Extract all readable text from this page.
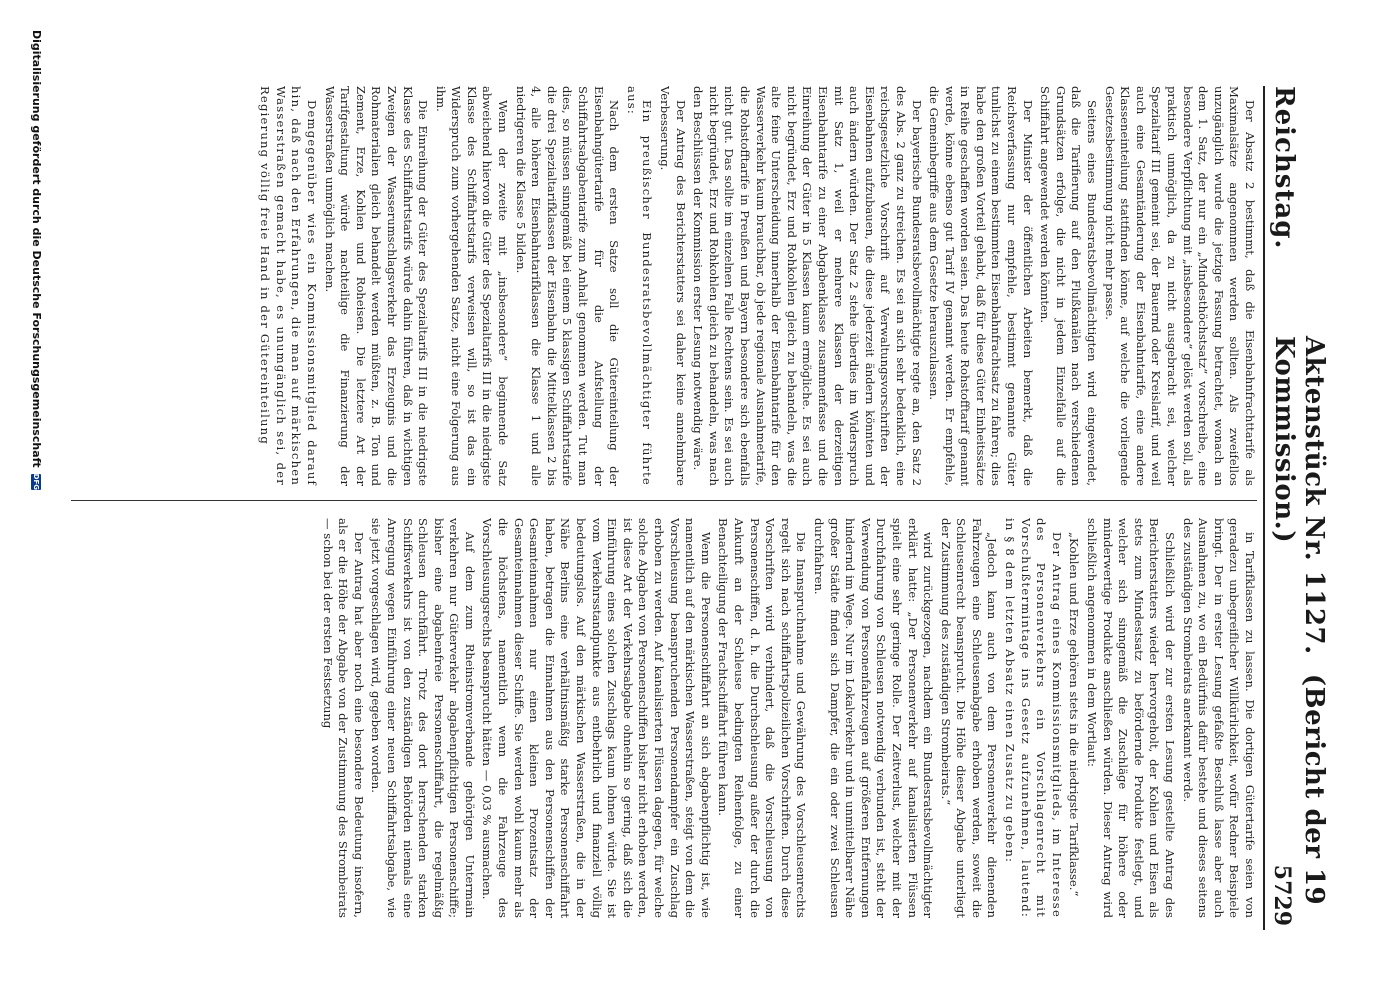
Reichstag.
Aktenstück Nr. 1127.  (Bericht der 19 Kommission.)
5729

Der Absatz 2 bestimmt, daß die Eisenbahnfrachttarife als Maximalsätze angenommen werden sollten. Als zweifellos unzugänglich wurde die jetzige Fassung betrachtet, wonach an dem 1. Satz, der nur ein „Mindesthöchstsatz“ vorschreibe, eine besondere Verpflichtung mit „insbesondere“ gelöst werden soll, als praktisch unmöglich, da zu nicht ausgebracht sei, welcher Spezialtarif III gemeint sei, der Bauernd oder Kreislarif, und weil auch eine Gesamtänderung der Eisenbahntarife, eine andere Klasseneinteilung stattfinden könne, auf welche die vorliegende Gesetzesbestimmung nicht mehr passe.

Seitens eines Bundesratsbevollmächtigten wird eingewendet, daß die Tarifierung auf den Flußkanälen nach verschiedenen Grundsätzen erfolge, die nicht in jedem Einzelfalle auf die Schiffahrt angewendet werden könnten.

Der Minister der öffentlichen Arbeiten bemerkt, daß die Reichsverfassung nur empfehle, bestimmt genannte Güter tunlichst zu einem bestimmten Eisenbahnfrachtsatz zu fahren; dies habe den großen Vorteil gehabt, daß für diese Güter Einheitssätze in Reihe geschaffen worden seien. Das heute Rohstofftarif genannt werde, könne ebenso gut Tarif IV genannt werden. Er empfehle, die Gemeinbegriffe aus dem Gesetze herauszulassen.

Der bayerische Bundesratsbevollmächtigte regte an, den Satz 2 des Abs. 2 ganz zu streichen. Es sei an sich sehr bedenklich, eine reichsgesetzliche Vorschrift auf Verwaltungsvorschriften der Eisenbahnen aufzubauen, die diese jederzeit ändern könnten und auch ändern würden. Der Satz 2 stehe überdies im Widerspruch mit Satz 1, weil er mehrere Klassen der derzeitigen Eisenbahntarife zu einer Abgabenklasse zusammenfasse und die Einreihung der Güter in 5 Klassen kaum ermögliche. Es sei auch nicht begründet, Erz und Rohkohlen gleich zu behandeln, was die alte feine Unterscheidung innerhalb der Eisenbahntarife für den Wasserverkehr kaum brauchbar, ob jede regionale Ausnahmetarife, die Rohstofftarife in Preußen und Bayern besondere sich ebenfalls nicht gut. Das sollte im einzelnen Falle Rechtens sein. Es sei auch nicht begründet, Erz und Rohkohlen gleich zu behandeln, was nach den Beschlüssen der Kommission erster Lesung notwendig wäre.

Der Antrag des Berichterstatters sei daher keine annehmbare Verbesserung.

Ein preußischer Bundesratsbevollmächtigter führte aus:

Nach dem ersten Satze soll die Gütereinteilung der Eisenbahngütertarife für die Aufstellung der Schiffahrtsabgabentarife zum Anhalt genommen werden. Tut man dies, so müssen sinngemäß bei einem 5 klassigen Schiffahrtstarife die drei Spezialtarifklassen der Eisenbahn die Mittelklassen 2 bis 4, alle höheren Eisenbahntarifklassen die Klasse 1 und alle niedrigeren die Klasse 5 bilden.

Wenn der zweite mit „insbesondere“ beginnende Satz abweichend hiervon die Güter des Spezialtarifs III in die niedrigste Klasse des Schiffahrtstarifs verweisen will, so ist das ein Widerspruch zum vorhergehenden Satze, nicht eine Folgerung aus ihm.

Die Einreihung der Güter des Spezialtarifs III in die niedrigste Klasse des Schiffahrtstarifs würde dahin führen, daß in wichtigen Zweigen der Wasserumschlagsverkehr das Erzeugnis und die Rohmaterialien gleich behandelt werden müßten, z. B. Ton und Zement, Erze, Kohlen und Roheisen. Die letztere Art der Tarifgestaltung würde nachteilige die Finanzierung der Wasserstraßen unmöglich machen.

Demgegenüber wies ein Kommissionsmitglied darauf hin, daß nach den Erfahrungen, die man auf märkischen Wasserstraßen gemacht habe, es unumgänglich sei, der Regierung völlig freie Hand in der Gütereinteilung

in Tarifklassen zu lassen. Die dortigen Gütertarife seien von geradezu unbegreiflicher Willkürlichkeit, wofür Redner Beispiele bringt. Der in erster Lesung gefaßte Beschluß lasse aber auch Ausnahmen zu, wo ein Bedürfnis dafür bestehe und dieses seitens des zuständigen Strombeirats anerkannt werde.

Schließlich wird der zur ersten Lesung gestellte Antrag des Berichterstatters wieder hervorgeholt, der Kohlen und Eisen als stets zum Mindestsatz zu befördernde Produkte festlegt, und welcher sich sinngemäß die Zuschläge für höhere oder minderwertige Produkte anschließen würden. Dieser Antrag wird schließlich angenommen in dem Wortlaut:

„Kohlen und Erze gehören stets in die niedrigste Tarifklasse.“

Der Antrag eines Kommissionsmitglieds, im Interesse des Personenverkehrs ein Vorschlagenrecht mit Vorschußtermintage ins Gesetz aufzunehmen, lautend: in § 8 dem letzten Absatz einen Zusatz zu geben:

„Jedoch kann auch von dem Personenverkehr dienenden Fahrzeugen eine Schleusenabgabe erhoben werden, soweit die Schleusenrecht beansprucht. Die Höhe dieser Abgabe unterliegt der Zustimmung des zuständigen Strombeirats.“

wird zurückgezogen, nachdem ein Bundesratsbevollmächtigter erklärt hatte: „Der Personenverkehr auf kanalisierten Flüssen spielt eine sehr geringe Rolle. Der Zeitverlust, welcher mit der Durchfahrung von Schleusen notwendig verbunden ist, steht der Verwendung von Personenfahrzeugen auf größeren Entfernungen hindernd im Wege. Nur im Lokalverkehr und in unmittelbarer Nähe großer Städte finden sich Dampfer, die ein oder zwei Schleusen durchfahren.

Die Inanspruchnahme und Gewährung des Vorschleusenrechts regelt sich nach schiffahrtspolizeilichen Vorschriften. Durch diese Vorschriften wird verhindert, daß die Vorschleusung von Personenschiffen, d. h. die Durchschleusung außer der durch die Ankunft an der Schleuse bedingten Reihenfolge, zu einer Benachteiligung der Frachtschiffahrt führen kann.

Wenn die Personenschiffahrt an sich abgabenpflichtig ist, wie namentlich auf den märkischen Wasserstraßen, steigt von dem die Vorschleusung beanspruchenden Personendampfer ein Zuschlag erhoben zu werden. Auf kanalisierten Flüssen dagegen, für welche solche Abgaben von Personenschiffen bisher nicht erhoben werden, ist diese Art der Verkehrsabgabe ohnehin so gering, daß sich die Einführung eines solchen Zuschlags kaum lohnen würde. Sie ist vom Verkehrsstandpunkte aus entbehrlich und finanziell völlig bedeutungslos. Auf den märkischen Wasserstraßen, die in der Nähe Berlins eine verhältnismäßig starke Personenschiffahrt haben, betragen die Einnahmen aus den Personenschiffen der Gesamteinnahmen nur einen kleinen Prozentsatz der Gesamteinnahmen dieser Schiffe. Sie werden wohl kaum mehr als die höchstens, namentlich wenn die Fahrzeuge des Vorschleusungsrechts beansprucht hätten — 0,03 % ausmachen.

Auf dem zum Rheinstromverbande gehörigen Untermain verkehren nur Güterverkehr abgabenpflichtigen Personenschiffe; bisher eine abgabenfreie Personenschiffahrt, die regelmäßig Schleusen durchfährt. Trotz des dort herrschenden starken Schiffsverkehrs ist von den zuständigen Behörden niemals eine Anregung wegen Einführung einer neuen Schiffahrtsabgabe, wie sie jetzt vorgeschlagen wird, gegeben worden.

Der Antrag hat aber noch eine besondere Bedeutung insofern, als er die Höhe der Abgabe von der Zustimmung des Strombeirats — schon bei der ersten Festsetzung

Digitalisierung gefördert durch die Deutsche Forschungsgemeinschaft
DFG
